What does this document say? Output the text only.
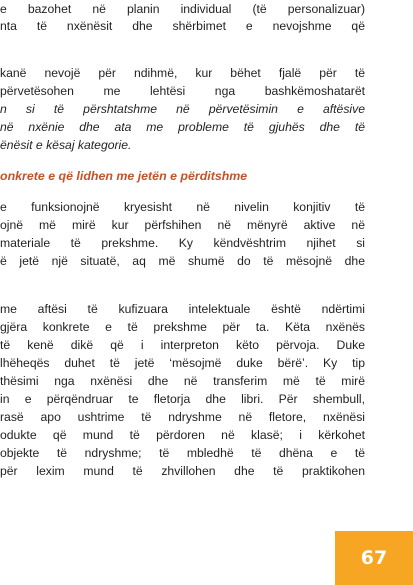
e bazohet në planin individual (të personalizuar)
nta të nxënësit dhe shërbimet e nevojshme që
kanë nevojë për ndihmë, kur bëhet fjalë për të
përvetësohen me lehtësi nga bashkëmoshatarët
n si të përshtatshme në përvetësimin e aftësive
në nxënie dhe ata me probleme të gjuhës dhe të
ënësit e kësaj kategorie.
onkrete e që lidhen me jetën e përditshme
e funksionojnë kryesisht në nivelin konjitiv të
ojnë më mirë kur përfshihen në mënyrë aktive në
materiale të prekshme. Ky këndvështrim njihet si
ë jetë një situatë, aq më shumë do të mësojnë dhe
me aftësi të kufizuara intelektuale është ndërtimi
gjëra konkrete e të prekshme për ta. Këta nxënës
të kenë dikë që i interpreton këto përvoja. Duke
lhëheqës duhet të jetë ‘mësojmë duke bërë’. Ky tip
thësimi nga nxënësi dhe në transferim më të mirë
in e përqëndruar te fletorja dhe libri. Për shembull,
rasë apo ushtrime të ndryshme në fletore, nxënësi
odukte që mund të përdoren në klasë; i kërkohet
objekte të ndryshme; të mbledhë të dhëna e të
për lexim mund të zhvillohen dhe të praktikohen
67
